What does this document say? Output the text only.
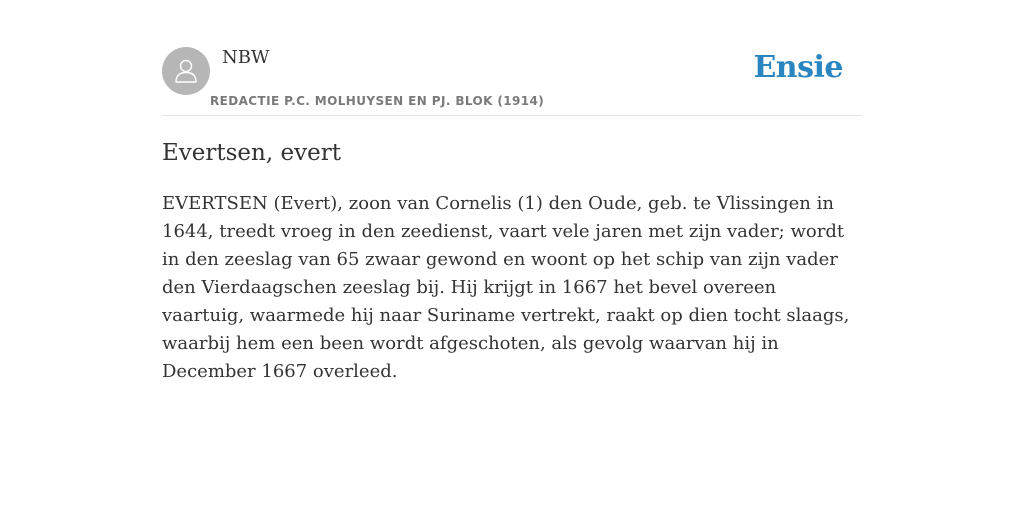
NBW
REDACTIE P.C. MOLHUYSEN EN PJ. BLOK (1914)
Ensie
Evertsen, evert

EVERTSEN (Evert), zoon van Cornelis (1) den Oude, geb. te Vlissingen in 1644, treedt vroeg in den zeedienst, vaart vele jaren met zijn vader; wordt in den zeeslag van 65 zwaar gewond en woont op het schip van zijn vader den Vierdaagschen zeeslag bij. Hij krijgt in 1667 het bevel overeen vaartuig, waarmede hij naar Suriname vertrekt, raakt op dien tocht slaags, waarbij hem een been wordt afgeschoten, als gevolg waarvan hij in December 1667 overleed.
